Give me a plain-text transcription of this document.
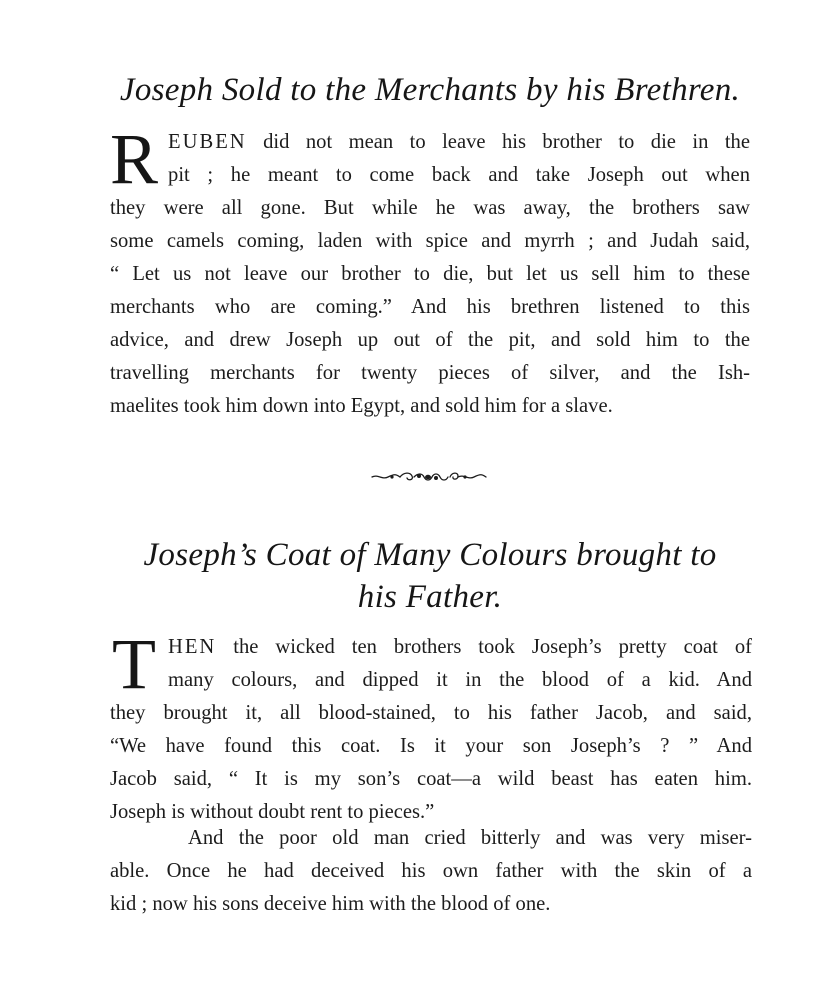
Joseph Sold to the Merchants by his Brethren.
R EUBEN did not mean to leave his brother to die in the
pit ; he meant to come back and take Joseph out when
they were all gone. But while he was away, the brothers saw
some camels coming, laden with spice and myrrh ; and Judah said,
“ Let us not leave our brother to die, but let us sell him to these
merchants who are coming.” And his brethren listened to this
advice, and drew Joseph up out of the pit, and sold him to the
travelling merchants for twenty pieces of silver, and the Ish-
maelites took him down into Egypt, and sold him for a slave.
Joseph’s Coat of Many Colours brought to
his Father.
T HEN the wicked ten brothers took Joseph’s pretty coat of
many colours, and dipped it in the blood of a kid. And
they brought it, all blood-stained, to his father Jacob, and said,
“We have found this coat. Is it your son Joseph’s ? ” And
Jacob said, “ It is my son’s coat—a wild beast has eaten him.
Joseph is without doubt rent to pieces.”
And the poor old man cried bitterly and was very miser-
able. Once he had deceived his own father with the skin of a
kid ; now his sons deceive him with the blood of one.
